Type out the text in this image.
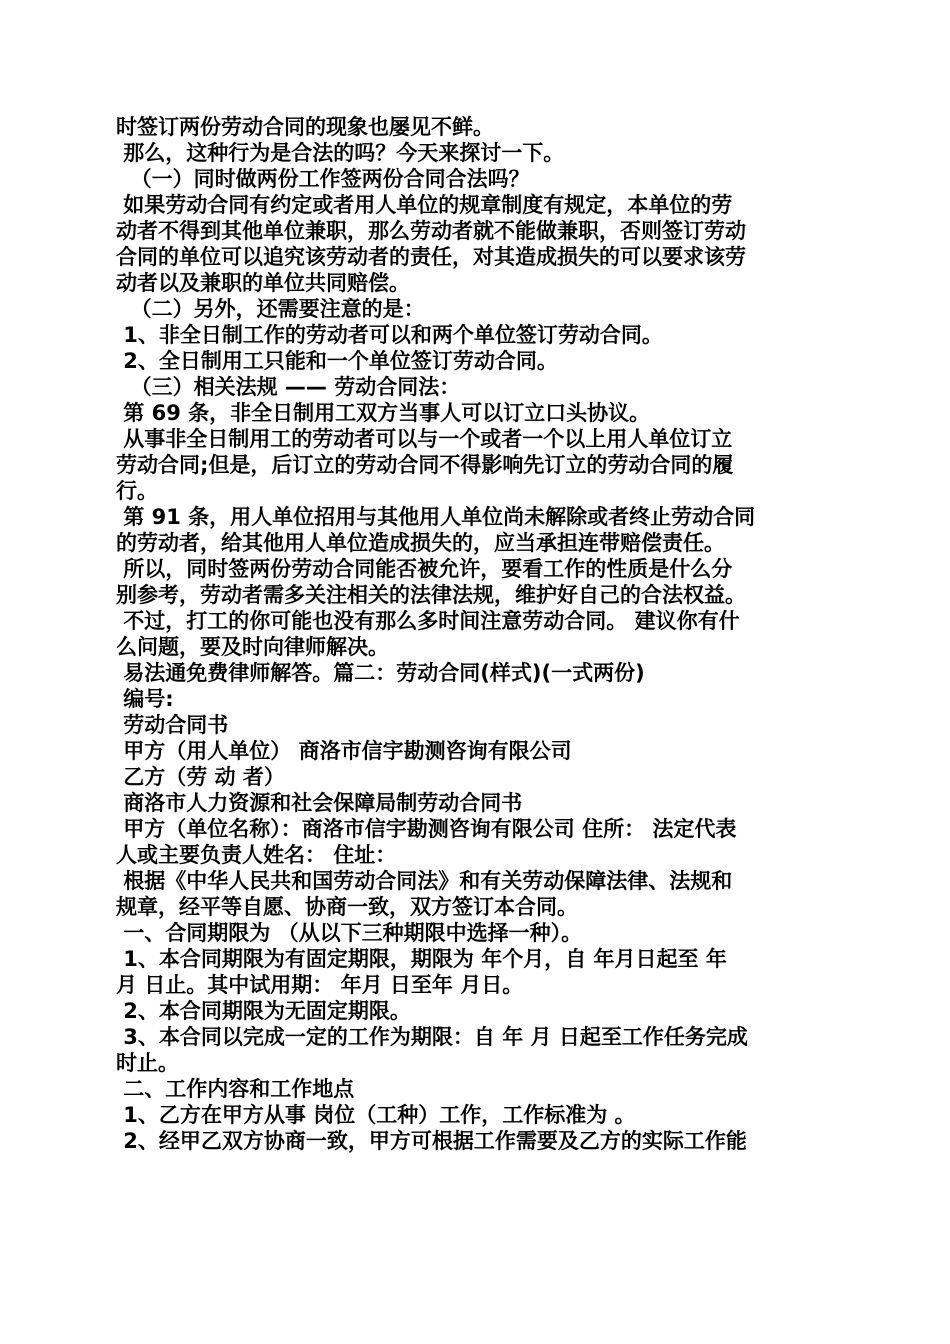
时签订两份劳动合同的现象也屡见不鲜。
那么，这种行为是合法的吗？今天来探讨一下。
（一）同时做两份工作签两份合同合法吗？
如果劳动合同有约定或者用人单位的规章制度有规定，本单位的劳
动者不得到其他单位兼职，那么劳动者就不能做兼职，否则签订劳动
合同的单位可以追究该劳动者的责任，对其造成损失的可以要求该劳
动者以及兼职的单位共同赔偿。
（二）另外，还需要注意的是：
1、非全日制工作的劳动者可以和两个单位签订劳动合同。
2、全日制用工只能和一个单位签订劳动合同。
（三）相关法规 —— 劳动合同法：
第 69 条，非全日制用工双方当事人可以订立口头协议。
从事非全日制用工的劳动者可以与一个或者一个以上用人单位订立
劳动合同;但是，后订立的劳动合同不得影响先订立的劳动合同的履
行。
第 91 条，用人单位招用与其他用人单位尚未解除或者终止劳动合同
的劳动者，给其他用人单位造成损失的，应当承担连带赔偿责任。
所以，同时签两份劳动合同能否被允许，要看工作的性质是什么分
别参考，劳动者需多关注相关的法律法规，维护好自己的合法权益。
不过，打工的你可能也没有那么多时间注意劳动合同。 建议你有什
么问题，要及时向律师解决。
易法通免费律师解答。篇二：劳动合同(样式)(一式两份)
编号:
劳动合同书
甲方（用人单位） 商洛市信宇勘测咨询有限公司
乙方（劳 动 者）
商洛市人力资源和社会保障局制劳动合同书
甲方（单位名称）：商洛市信宇勘测咨询有限公司 住所： 法定代表
人或主要负责人姓名： 住址：
根据《中华人民共和国劳动合同法》和有关劳动保障法律、法规和
规章，经平等自愿、协商一致，双方签订本合同。
一、合同期限为 （从以下三种期限中选择一种）。
1、本合同期限为有固定期限，期限为 年个月，自 年月日起至 年
月 日止。其中试用期： 年月 日至年 月日。
2、本合同期限为无固定期限。
3、本合同以完成一定的工作为期限：自 年 月 日起至工作任务完成
时止。
二、工作内容和工作地点
1、乙方在甲方从事 岗位（工种）工作，工作标准为 。
2、经甲乙双方协商一致，甲方可根据工作需要及乙方的实际工作能
